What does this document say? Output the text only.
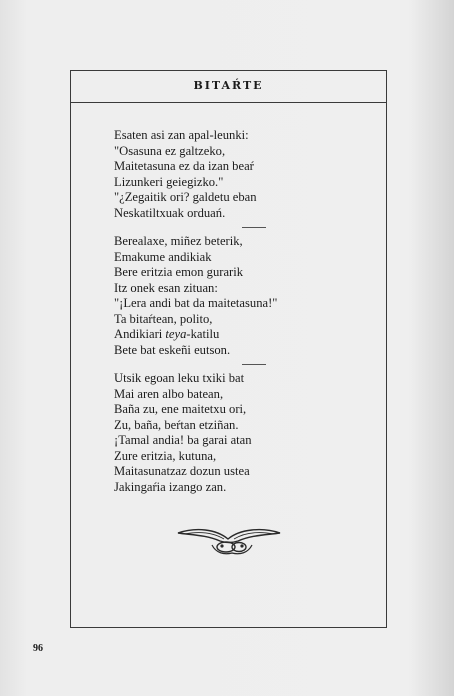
BITAŔTE
Esaten asi zan apal-leunki:
"Osasuna ez galtzeko,
Maitetasuna ez da izan beaŕ
Lizunkeri geiegizko."
"¿Zegaitik ori? galdetu eban
Neskatiltxuak orduań.
Berealaxe, miñez beterik,
Emakume andikiak
Bere eritzia emon gurarik
Itz onek esan zituan:
"¡Lera andi bat da maitetasuna!"
Ta bitaŕtean, polito,
Andikiari teya-katilu
Bete bat eskeñi eutson.
Utsik egoan leku txiki bat
Mai aren albo batean,
Baña zu, ene maitetxu ori,
Zu, baña, beŕtan etziñan.
¡Tamal andia! ba garai atan
Zure eritzia, kutuna,
Maitasunatzaz dozun ustea
Jakingaŕia izango zan.
96
